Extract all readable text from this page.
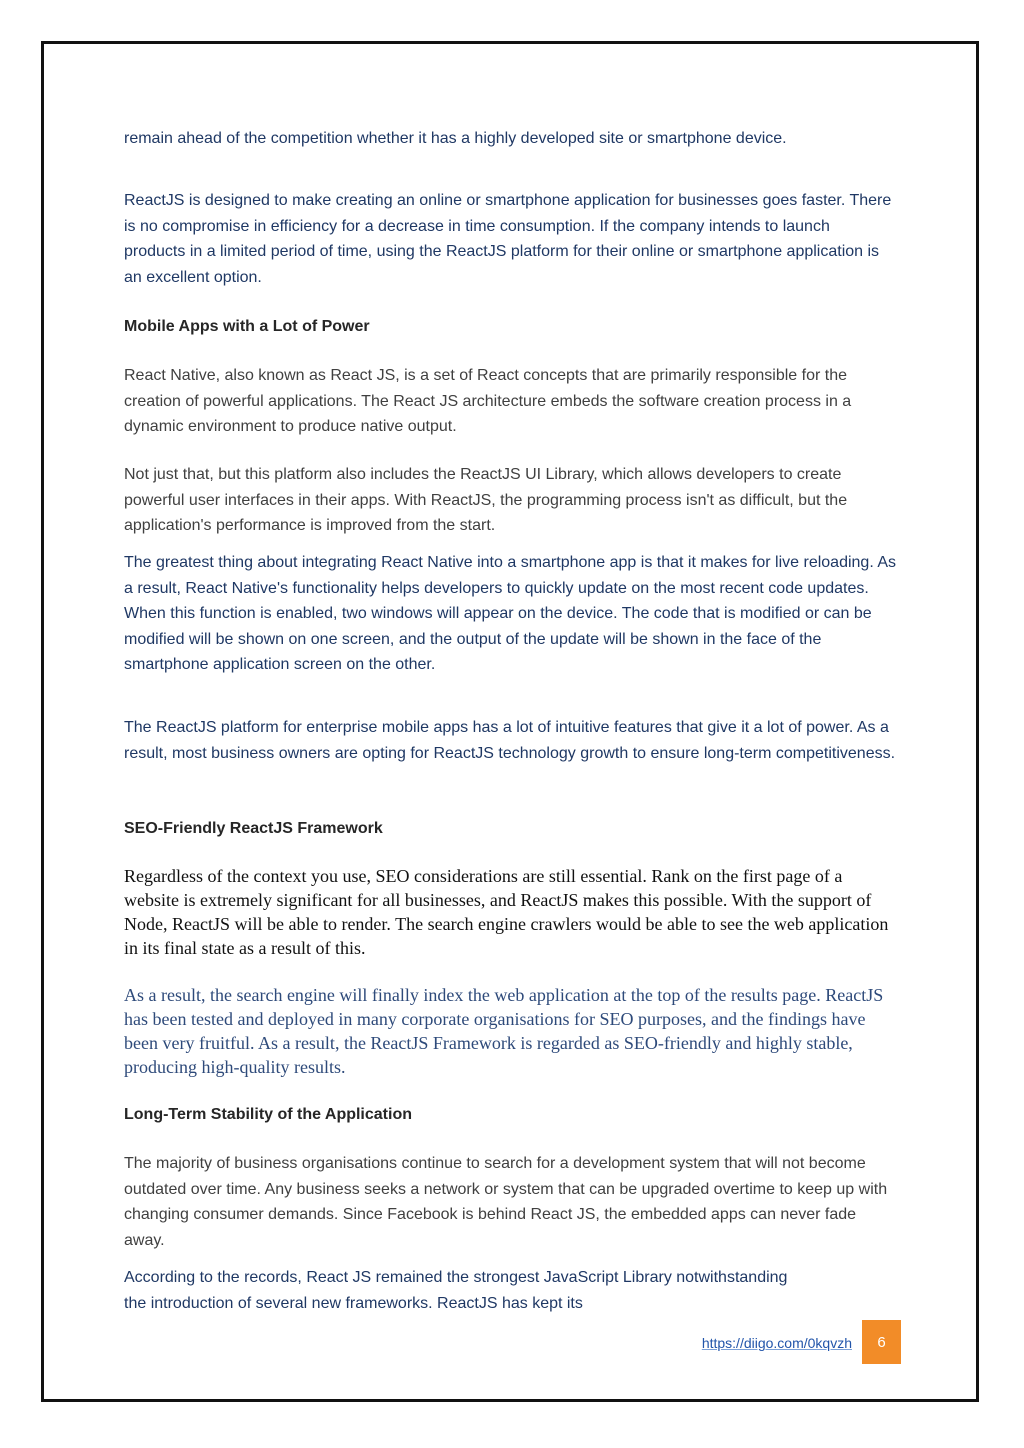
remain ahead of the competition whether it has a highly developed site or smartphone device.

ReactJS is designed to make creating an online or smartphone application for businesses goes faster. There is no compromise in efficiency for a decrease in time consumption. If the company intends to launch products in a limited period of time, using the ReactJS platform for their online or smartphone application is an excellent option.

Mobile Apps with a Lot of Power

React Native, also known as React JS, is a set of React concepts that are primarily responsible for the creation of powerful applications. The React JS architecture embeds the software creation process in a dynamic environment to produce native output.

Not just that, but this platform also includes the ReactJS UI Library, which allows developers to create powerful user interfaces in their apps. With ReactJS, the programming process isn't as difficult, but the application's performance is improved from the start.

The greatest thing about integrating React Native into a smartphone app is that it makes for live reloading. As a result, React Native's functionality helps developers to quickly update on the most recent code updates. When this function is enabled, two windows will appear on the device. The code that is modified or can be modified will be shown on one screen, and the output of the update will be shown in the face of the smartphone application screen on the other.

The ReactJS platform for enterprise mobile apps has a lot of intuitive features that give it a lot of power. As a result, most business owners are opting for ReactJS technology growth to ensure long-term competitiveness.

SEO-Friendly ReactJS Framework

Regardless of the context you use, SEO considerations are still essential. Rank on the first page of a website is extremely significant for all businesses, and ReactJS makes this possible. With the support of Node, ReactJS will be able to render. The search engine crawlers would be able to see the web application in its final state as a result of this.

As a result, the search engine will finally index the web application at the top of the results page. ReactJS has been tested and deployed in many corporate organisations for SEO purposes, and the findings have been very fruitful. As a result, the ReactJS Framework is regarded as SEO-friendly and highly stable, producing high-quality results.

Long-Term Stability of the Application

The majority of business organisations continue to search for a development system that will not become outdated over time. Any business seeks a network or system that can be upgraded overtime to keep up with changing consumer demands. Since Facebook is behind React JS, the embedded apps can never fade away.

According to the records, React JS remained the strongest JavaScript Library notwithstanding the introduction of several new frameworks. ReactJS has kept its

https://diigo.com/0kqvzh	6
